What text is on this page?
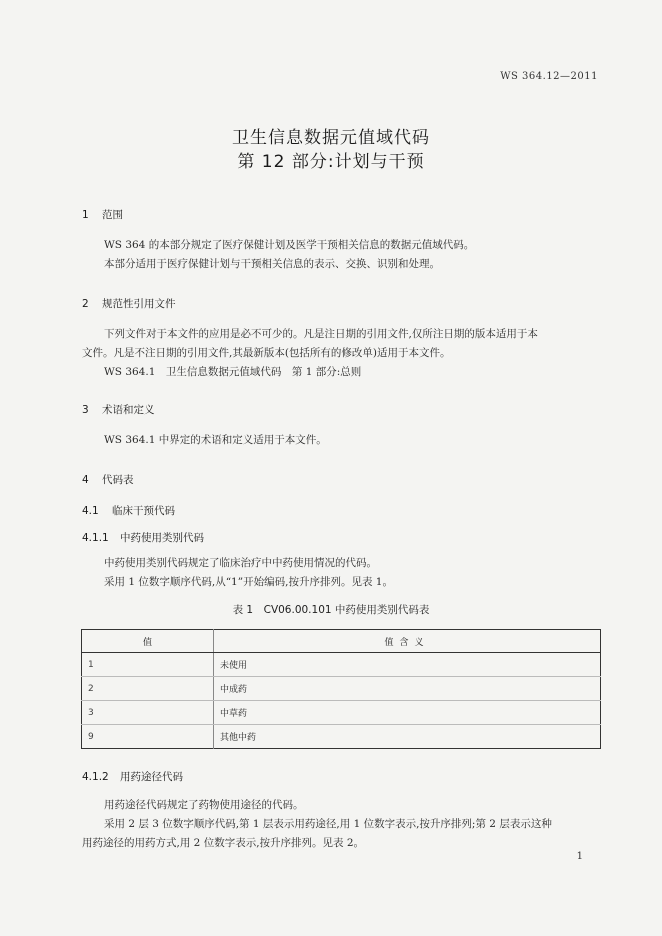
WS 364.12—2011
卫生信息数据元值域代码
第 12 部分:计划与干预
1 范围
WS 364 的本部分规定了医疗保健计划及医学干预相关信息的数据元值域代码。
本部分适用于医疗保健计划与干预相关信息的表示、交换、识别和处理。
2 规范性引用文件
下列文件对于本文件的应用是必不可少的。凡是注日期的引用文件,仅所注日期的版本适用于本
文件。凡是不注日期的引用文件,其最新版本(包括所有的修改单)适用于本文件。
WS 364.1　卫生信息数据元值域代码　第 1 部分:总则
3 术语和定义
WS 364.1 中界定的术语和定义适用于本文件。
4 代码表
4.1 临床干预代码
4.1.1 中药使用类别代码
中药使用类别代码规定了临床治疗中中药使用情况的代码。
采用 1 位数字顺序代码,从“1”开始编码,按升序排列。见表 1。
表 1　CV06.00.101 中药使用类别代码表
值	值含义
1	未使用
2	中成药
3	中草药
9	其他中药
4.1.2 用药途径代码
用药途径代码规定了药物使用途径的代码。
采用 2 层 3 位数字顺序代码,第 1 层表示用药途径,用 1 位数字表示,按升序排列;第 2 层表示这种
用药途径的用药方式,用 2 位数字表示,按升序排列。见表 2。
1
